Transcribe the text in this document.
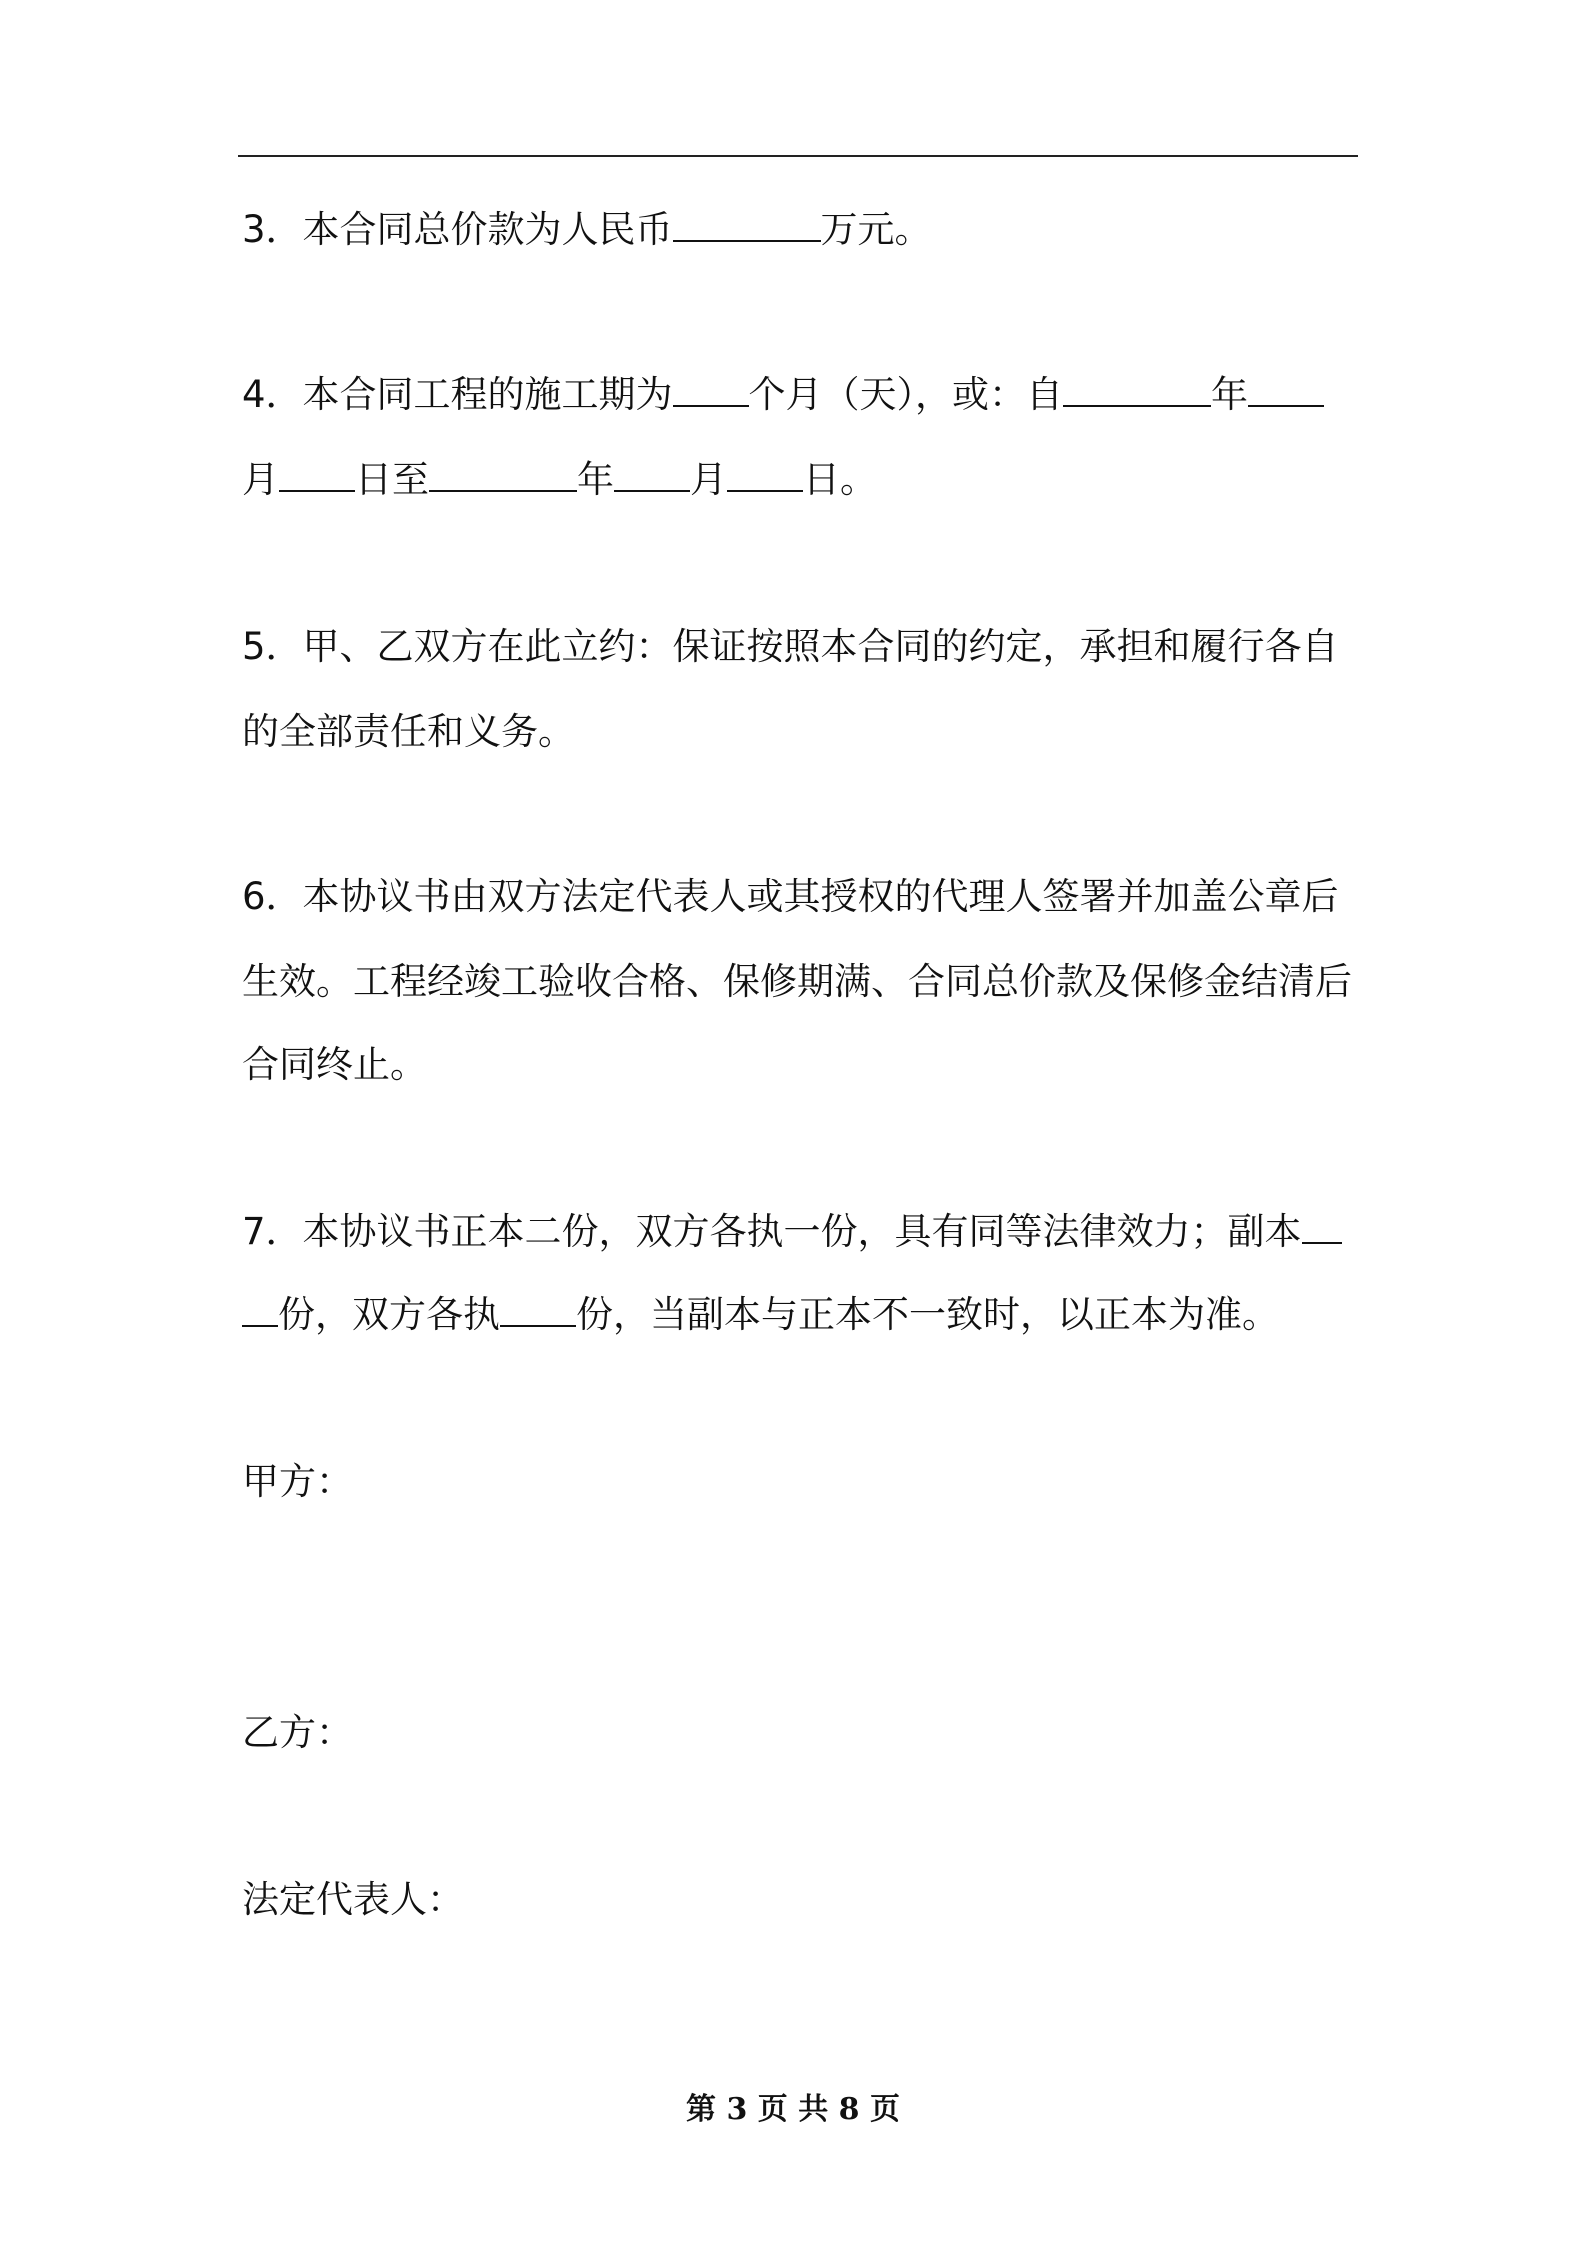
3．本合同总价款为人民币	万元。
4．本合同工程的施工期为 个月（天），或：自	年
月 日至	年 月 日。
5．甲、乙双方在此立约：保证按照本合同的约定，承担和履行各自
的全部责任和义务。
6．本协议书由双方法定代表人或其授权的代理人签署并加盖公章后
生效。工程经竣工验收合格、保修期满、合同总价款及保修金结清后
合同终止。
7．本协议书正本二份，双方各执一份，具有同等法律效力；副本
份，双方各执 份，当副本与正本不一致时，以正本为准。
甲方：
乙方：
法定代表人：
第 3 页 共 8 页
